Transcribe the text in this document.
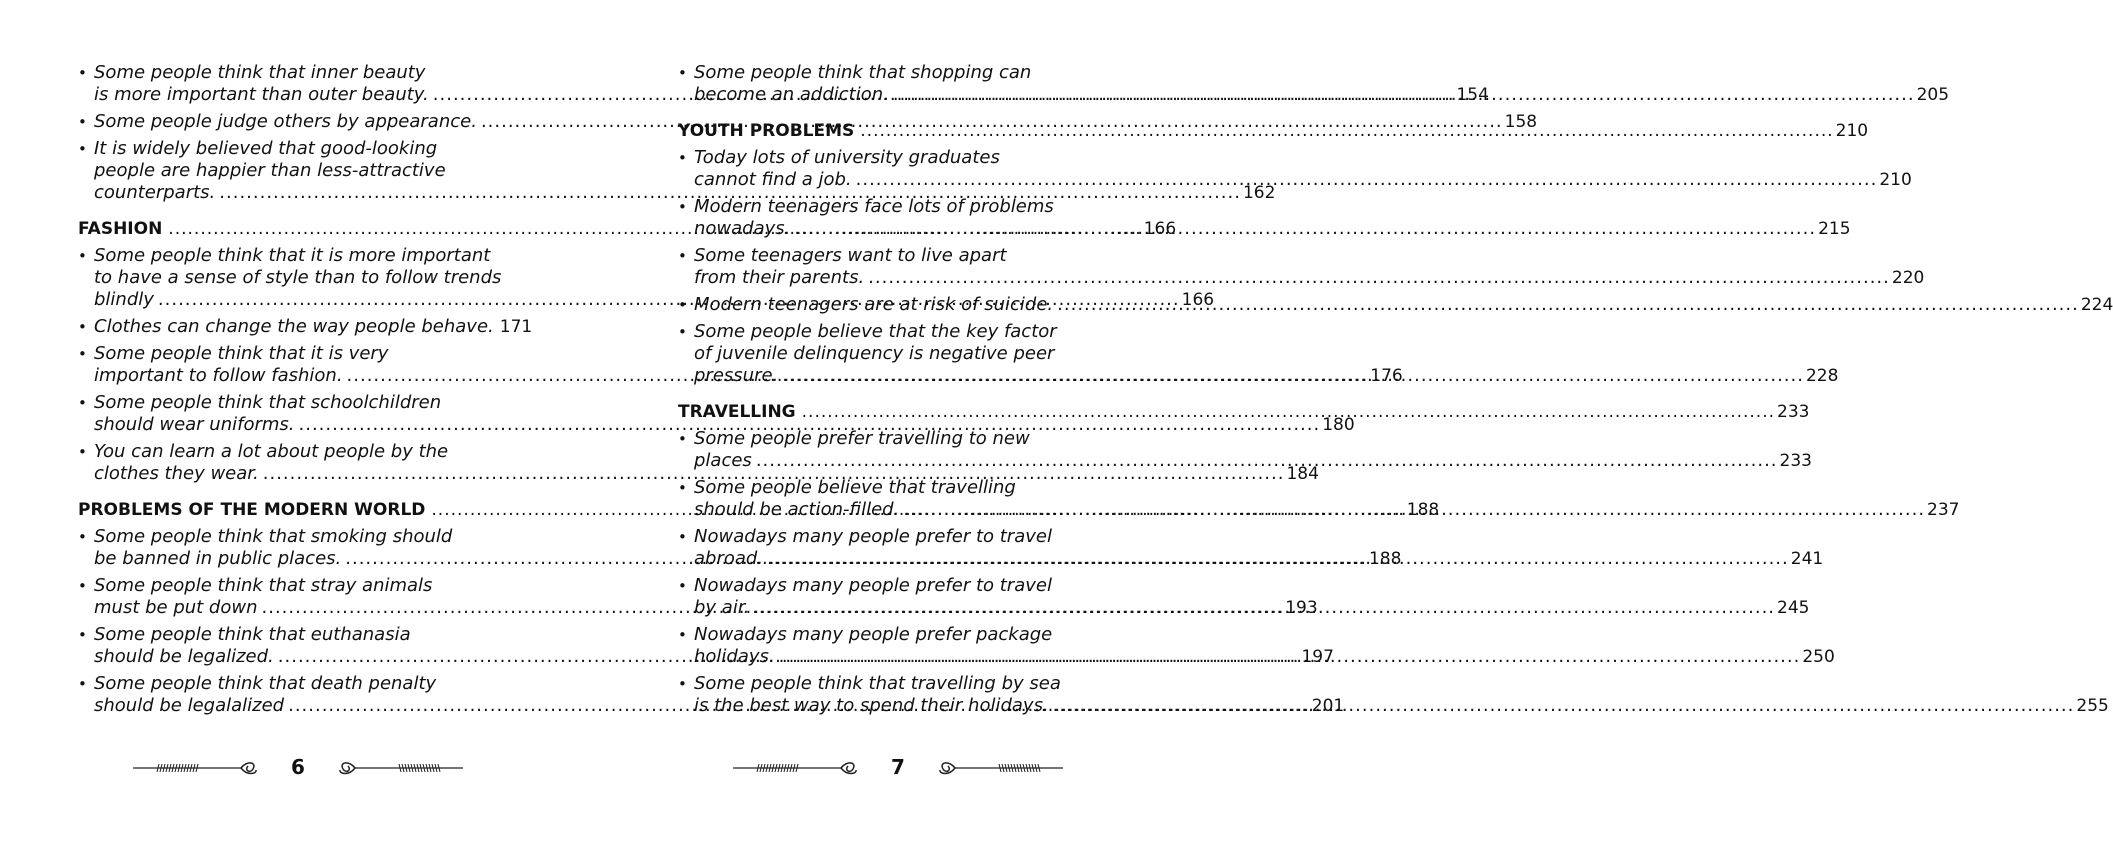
• Some people think that inner beauty
is more important than outer beauty. .....	154
• Some people judge others by appearance. .....	158
• It is widely believed that good-looking
people are happier than less-attractive
counterparts. .....	162
FASHION .....	166
• Some people think that it is more important
to have a sense of style than to follow trends
blindly .....	166
• Clothes can change the way people behave. 171
• Some people think that it is very
important to follow fashion. .....	176
• Some people think that schoolchildren
should wear uniforms. .....	180
• You can learn a lot about people by the
clothes they wear. .....	184
PROBLEMS OF THE MODERN WORLD .....	188
• Some people think that smoking should
be banned in public places. .....	188
• Some people think that stray animals
must be put down .....	193
• Some people think that euthanasia
should be legalized. .....	197
• Some people think that death penalty
should be legalalized .....	201
• Some people think that shopping can
become an addiction. .....	205
YOUTH PROBLEMS .....	210
• Today lots of university graduates
cannot find a job. .....	210
• Modern teenagers face lots of problems
nowadays. .....	215
• Some teenagers want to live apart
from their parents. .....	220
• Modern teenagers are at risk of suicide. .....	224
• Some people believe that the key factor
of juvenile delinquency is negative peer
pressure. .....	228
TRAVELLING .....	233
• Some people prefer travelling to new
places .....	233
• Some people believe that travelling
should be action-filled. .....	237
• Nowadays many people prefer to travel
abroad. .....	241
• Nowadays many people prefer to travel
by air. .....	245
• Nowadays many people prefer package
holidays. .....	250
• Some people think that travelling by sea
is the best way to spend their holidays. .....	255
6	7
